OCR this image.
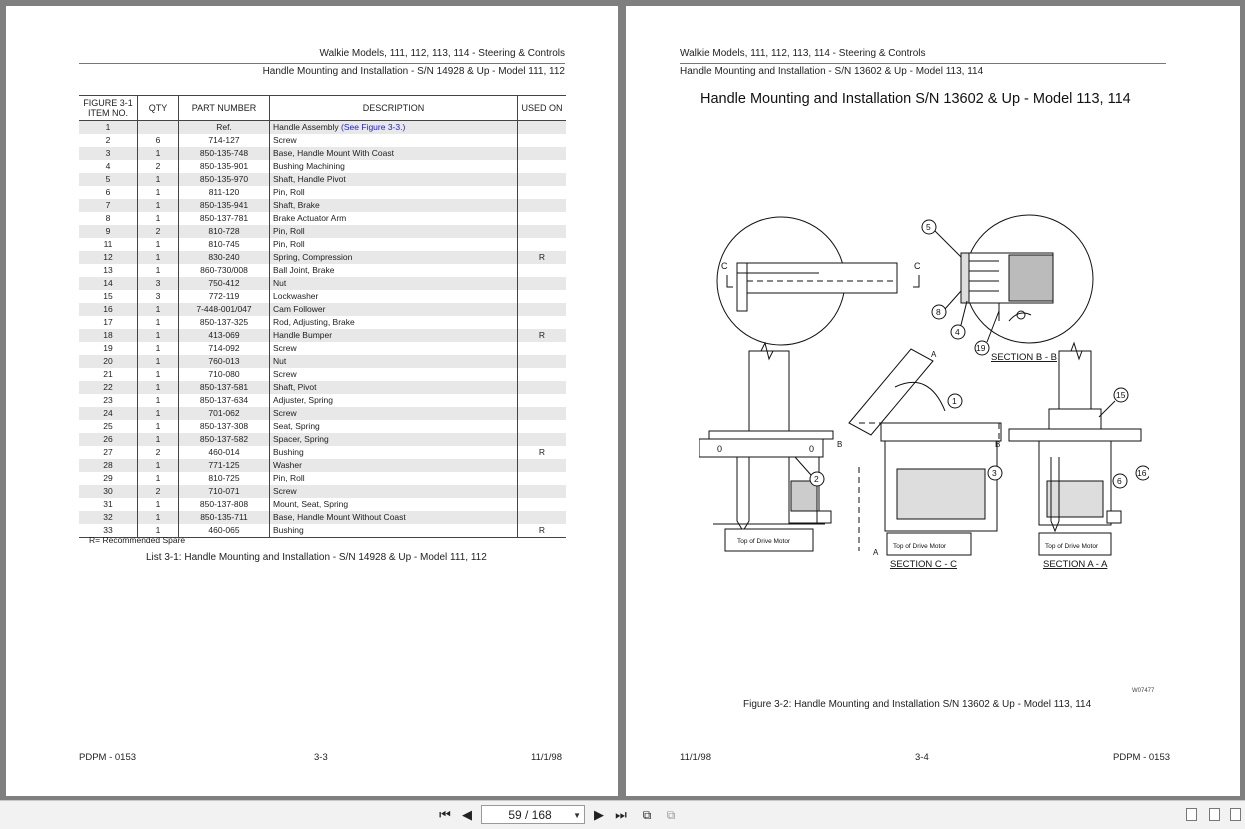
Walkie Models, 111, 112, 113, 114 - Steering & Controls
Handle Mounting and Installation - S/N 14928 & Up - Model 111, 112
FIGURE 3-1
ITEM NO.	QTY	PART NUMBER	DESCRIPTION	USED ON
1		Ref.	Handle Assembly (See Figure 3-3.)	
2	6	714-127	Screw	
3	1	850-135-748	Base, Handle Mount With Coast	
4	2	850-135-901	Bushing Machining	
5	1	850-135-970	Shaft, Handle Pivot	
6	1	811-120	Pin, Roll	
7	1	850-135-941	Shaft, Brake	
8	1	850-137-781	Brake Actuator Arm	
9	2	810-728	Pin, Roll	
11	1	810-745	Pin, Roll	
12	1	830-240	Spring, Compression	R
13	1	860-730/008	Ball Joint, Brake	
14	3	750-412	Nut	
15	3	772-119	Lockwasher	
16	1	7-448-001/047	Cam Follower	
17	1	850-137-325	Rod, Adjusting, Brake	
18	1	413-069	Handle Bumper	R
19	1	714-092	Screw	
20	1	760-013	Nut	
21	1	710-080	Screw	
22	1	850-137-581	Shaft, Pivot	
23	1	850-137-634	Adjuster, Spring	
24	1	701-062	Screw	
25	1	850-137-308	Seat, Spring	
26	1	850-137-582	Spacer, Spring	
27	2	460-014	Bushing	R
28	1	771-125	Washer	
29	1	810-725	Pin, Roll	
30	2	710-071	Screw	
31	1	850-137-808	Mount, Seat, Spring	
32	1	850-135-711	Base, Handle Mount Without Coast	
33	1	460-065	Bushing	R
R= Recommended Spare
List 3-1: Handle Mounting and Installation - S/N 14928 & Up - Model 111, 112
PDPM - 0153	3-3	11/1/98
Walkie Models, 111, 112, 113, 114 - Steering & Controls
Handle Mounting and Installation - S/N 13602 & Up - Model 113, 114
Handle Mounting and Installation S/N 13602 & Up - Model 113, 114
C	C
SECTION B - B
5
8
4
19
0	0
Top of Drive Motor
2
Top of Drive Motor
A
B	B
A
SECTION C - C
1
3
Top of Drive Motor
SECTION A - A
15
6
16
W07477
Figure 3-2: Handle Mounting and Installation S/N 13602 & Up - Model 113, 114
11/1/98	3-4	PDPM - 0153
⏮ ◀	59 / 168	▼	▶ ⏭	⧉	⧉
